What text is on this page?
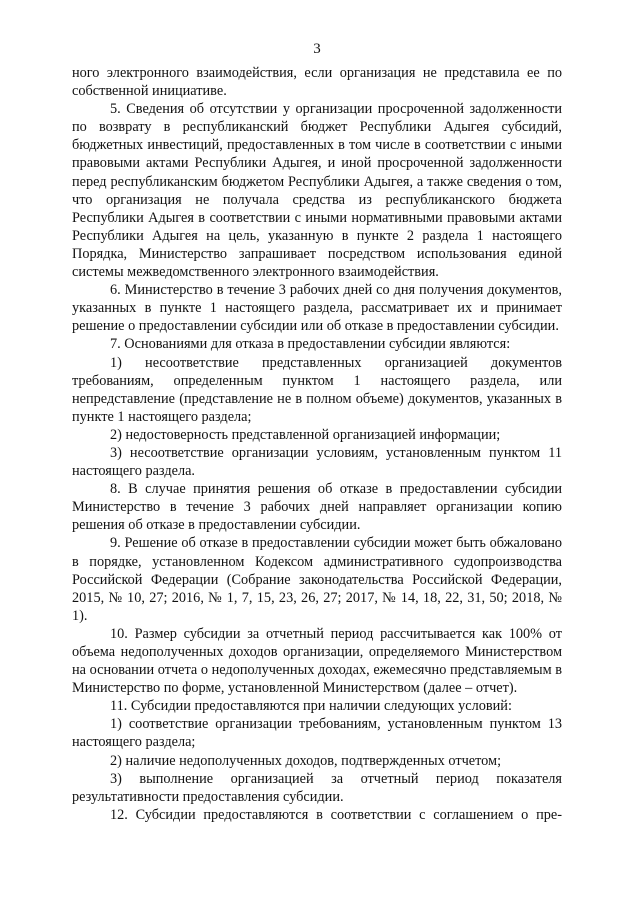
3

ного электронного взаимодействия, если организация не представила ее по собственной инициативе.

5. Сведения об отсутствии у организации просроченной задолженности по возврату в республиканский бюджет Республики Адыгея субсидий, бюджетных инвестиций, предоставленных в том числе в соответствии с иными правовыми актами Республики Адыгея, и иной просроченной задолженности перед республиканским бюджетом Республики Адыгея, а также сведения о том, что организация не получала средства из республиканского бюджета Республики Адыгея в соответствии с иными нормативными правовыми актами Республики Адыгея на цель, указанную в пункте 2 раздела 1 настоящего Порядка, Министерство запрашивает посредством использования единой системы межведомственного электронного взаимодействия.

6. Министерство в течение 3 рабочих дней со дня получения документов, указанных в пункте 1 настоящего раздела, рассматривает их и принимает решение о предоставлении субсидии или об отказе в предоставлении субсидии.

7. Основаниями для отказа в предоставлении субсидии являются:

1) несоответствие представленных организацией документов требованиям, определенным пунктом 1 настоящего раздела, или непредставление (представление не в полном объеме) документов, указанных в пункте 1 настоящего раздела;

2) недостоверность представленной организацией информации;

3) несоответствие организации условиям, установленным пунктом 11 настоящего раздела.

8. В случае принятия решения об отказе в предоставлении субсидии Министерство в течение 3 рабочих дней направляет организации копию решения об отказе в предоставлении субсидии.

9. Решение об отказе в предоставлении субсидии может быть обжаловано в порядке, установленном Кодексом административного судопроизводства Российской Федерации (Собрание законодательства Российской Федерации, 2015, № 10, 27; 2016, № 1, 7, 15, 23, 26, 27; 2017, № 14, 18, 22, 31, 50; 2018, № 1).

10. Размер субсидии за отчетный период рассчитывается как 100% от объема недополученных доходов организации, определяемого Министерством на основании отчета о недополученных доходах, ежемесячно представляемым в Министерство по форме, установленной Министерством (далее – отчет).

11. Субсидии предоставляются при наличии следующих условий:

1) соответствие организации требованиям, установленным пунктом 13 настоящего раздела;

2) наличие недополученных доходов, подтвержденных отчетом;

3) выполнение организацией за отчетный период показателя результативности предоставления субсидии.

12. Субсидии предоставляются в соответствии с соглашением о пре-
